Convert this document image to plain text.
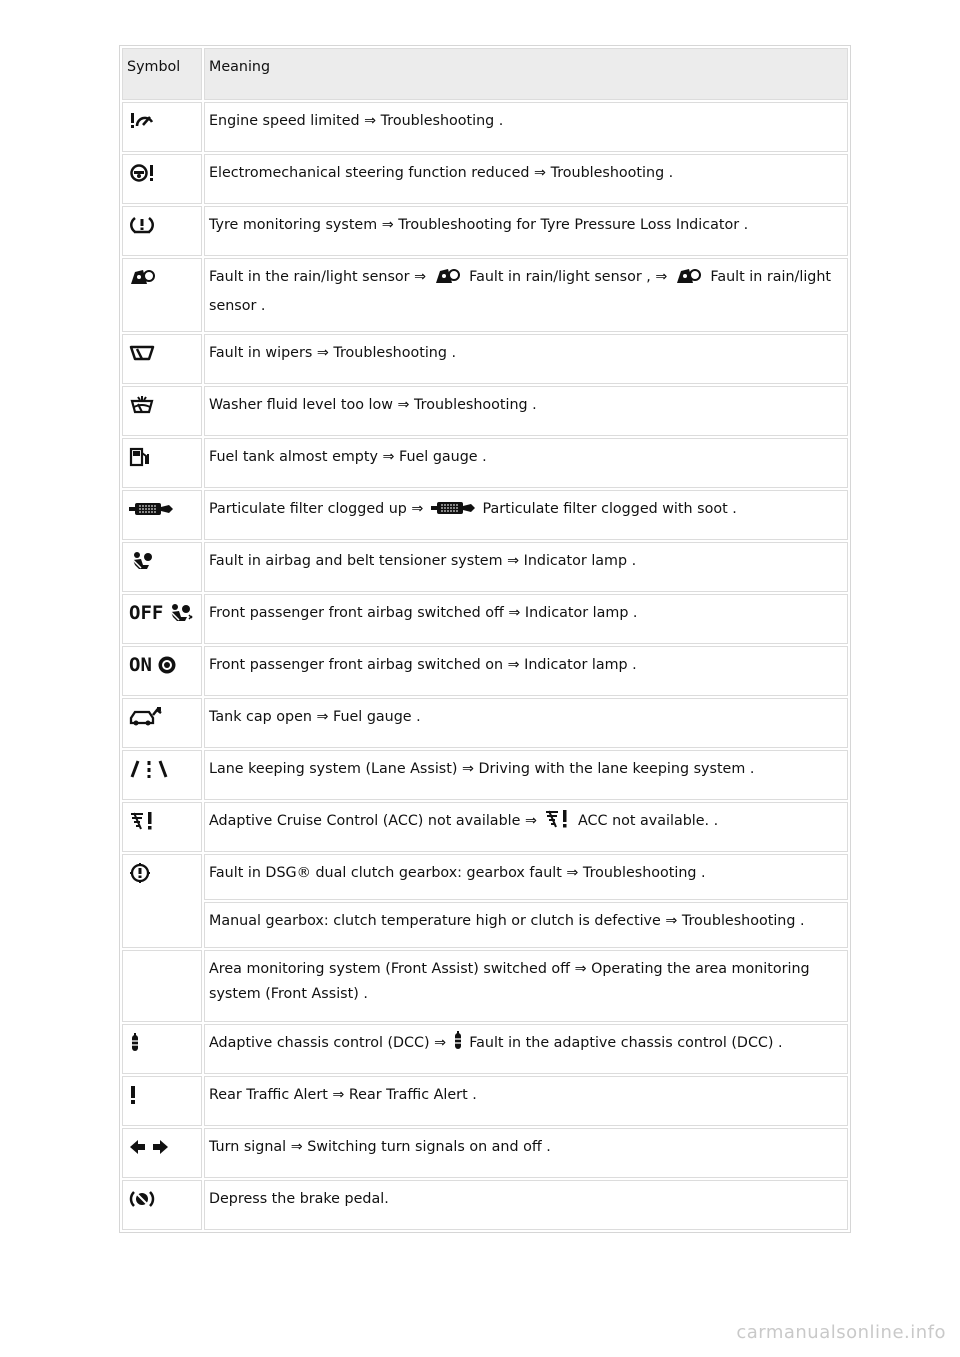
Symbol	Meaning

	Engine speed limited ⇒ Troubleshooting .

	Electromechanical steering function reduced ⇒ Troubleshooting .

	Tyre monitoring system ⇒ Troubleshooting for Tyre Pressure Loss Indicator .

	Fault in the rain/light sensor ⇒ Fault in rain/light sensor , ⇒ Fault in rain/light sensor .

	Fault in wipers ⇒ Troubleshooting .

	Washer fluid level too low ⇒ Troubleshooting .

	Fuel tank almost empty ⇒ Fuel gauge .

	Particulate filter clogged up ⇒ Particulate filter clogged with soot .

	Fault in airbag and belt tensioner system ⇒ Indicator lamp .

OFF	Front passenger front airbag switched off ⇒ Indicator lamp .

ON	Front passenger front airbag switched on ⇒ Indicator lamp .

	Tank cap open ⇒ Fuel gauge .

	Lane keeping system (Lane Assist) ⇒ Driving with the lane keeping system .

	Adaptive Cruise Control (ACC) not available ⇒ ACC not available. .

	Fault in DSG® dual clutch gearbox: gearbox fault ⇒ Troubleshooting .
	Manual gearbox: clutch temperature high or clutch is defective ⇒ Troubleshooting .
	Area monitoring system (Front Assist) switched off ⇒ Operating the area monitoring system (Front Assist) .

	Adaptive chassis control (DCC) ⇒ Fault in the adaptive chassis control (DCC) .

	Rear Traffic Alert ⇒ Rear Traffic Alert .

	Turn signal ⇒ Switching turn signals on and off .

	Depress the brake pedal.
carmanualsonline.info
